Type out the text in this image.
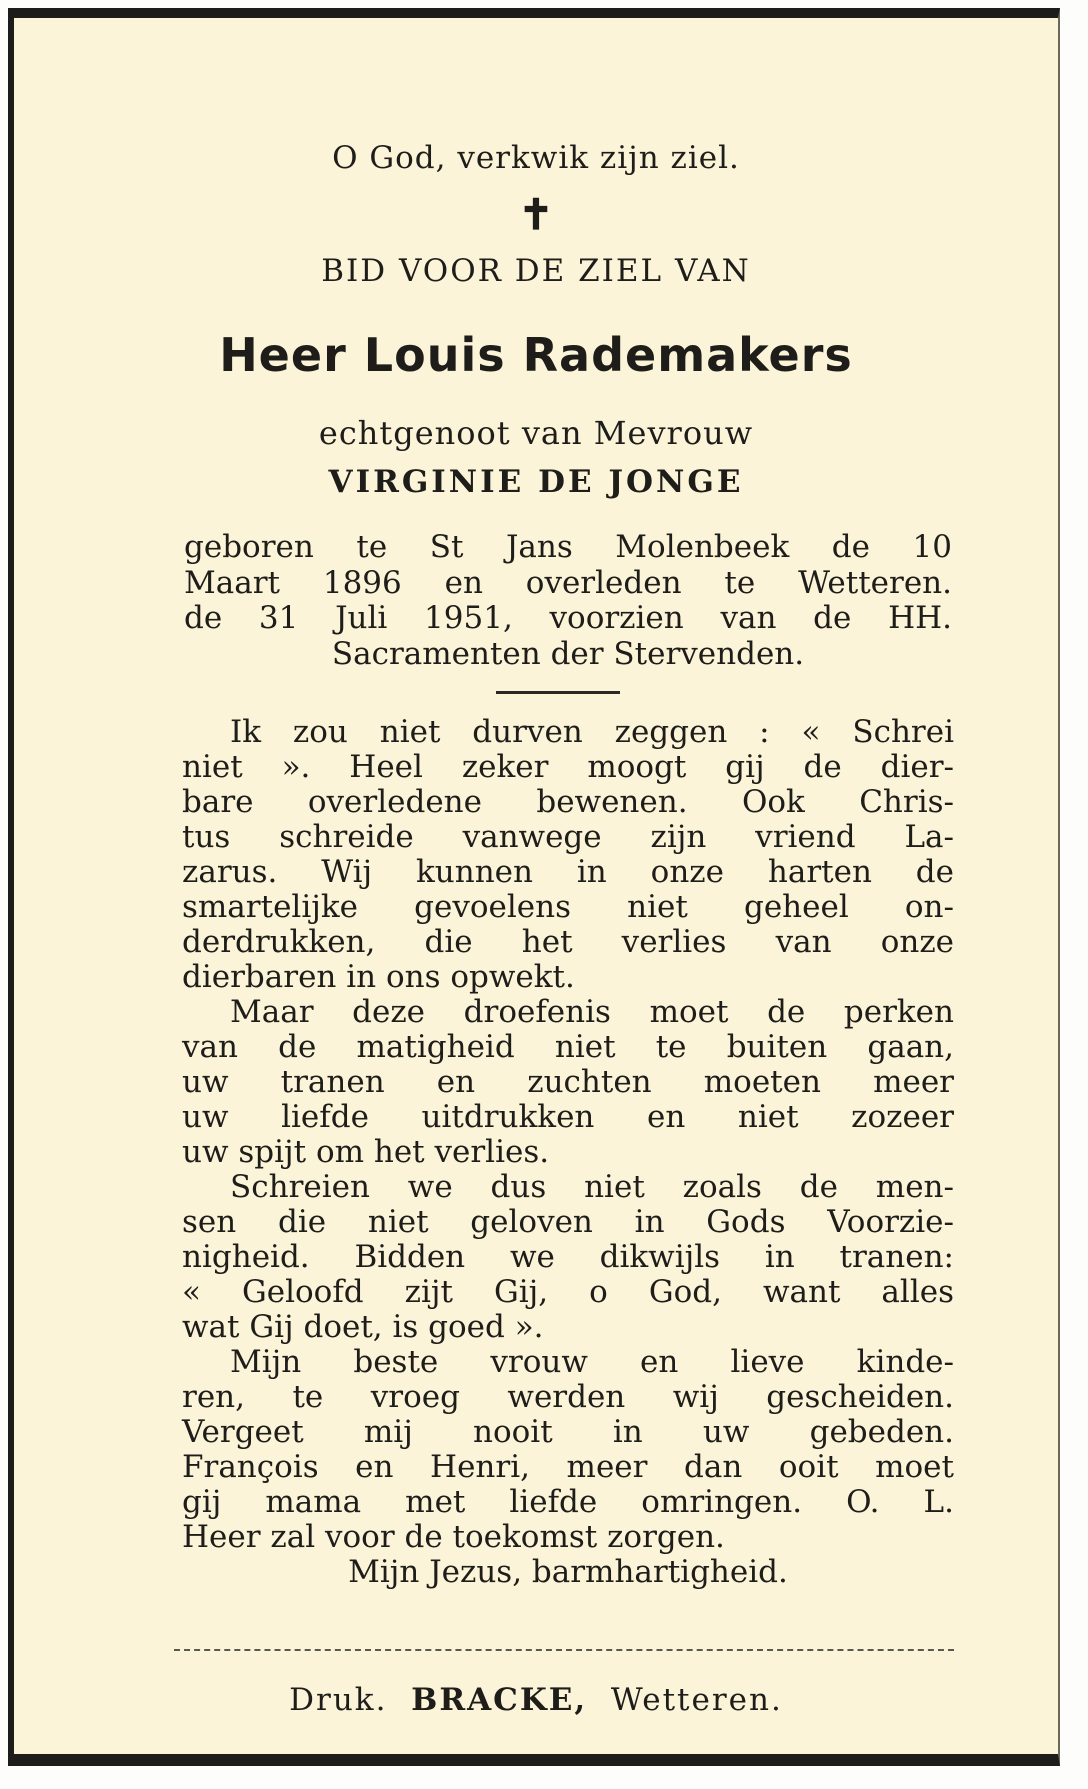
O God, verkwik zijn ziel.
✝
BID VOOR DE ZIEL VAN
Heer Louis Rademakers
echtgenoot van Mevrouw
VIRGINIE DE JONGE
geboren te St Jans Molenbeek de 10
Maart 1896 en overleden te Wetteren.
de 31 Juli 1951, voorzien van de HH.
Sacramenten der Stervenden.
Ik zou niet durven zeggen : « Schrei
niet ». Heel zeker moogt gij de dier-
bare overledene bewenen. Ook Chris-
tus schreide vanwege zijn vriend La-
zarus. Wij kunnen in onze harten de
smartelijke gevoelens niet geheel on-
derdrukken, die het verlies van onze
dierbaren in ons opwekt.
Maar deze droefenis moet de perken
van de matigheid niet te buiten gaan,
uw tranen en zuchten moeten meer
uw liefde uitdrukken en niet zozeer
uw spijt om het verlies.
Schreien we dus niet zoals de men-
sen die niet geloven in Gods Voorzie-
nigheid. Bidden we dikwijls in tranen:
« Geloofd zijt Gij, o God, want alles
wat Gij doet, is goed ».
Mijn beste vrouw en lieve kinde-
ren, te vroeg werden wij gescheiden.
Vergeet mij nooit in uw gebeden.
François en Henri, meer dan ooit moet
gij mama met liefde omringen. O. L.
Heer zal voor de toekomst zorgen.
Mijn Jezus, barmhartigheid.
Druk. BRACKE, Wetteren.
